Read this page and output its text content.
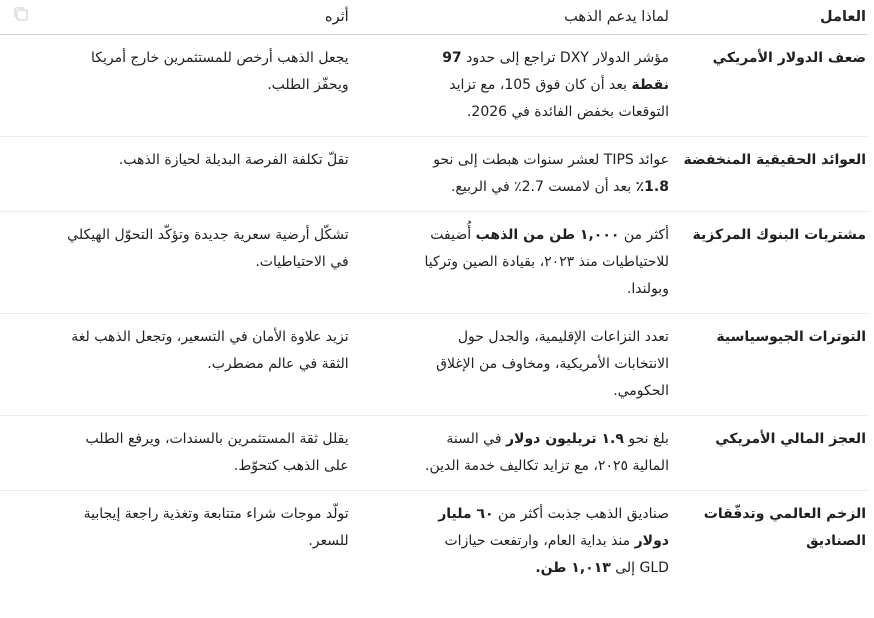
العامل	لماذا يدعم الذهب	أثره

ضعف الدولار الأمريكي	مؤشر الدولار DXY تراجع إلى حدود 97 نقطة بعد أن كان فوق 105، مع تزايد التوقعات بخفض الفائدة في 2026.	يجعل الذهب أرخص للمستثمرين خارج أمريكا ويحفّز الطلب.

العوائد الحقيقية المنخفضة	عوائد TIPS لعشر سنوات هبطت إلى نحو 1.8٪ بعد أن لامست 2.7٪ في الربيع.	تقلّ تكلفة الفرصة البديلة لحيازة الذهب.

مشتريات البنوك المركزية	أكثر من ١,٠٠٠ طن من الذهب أُضيفت للاحتياطيات منذ ٢٠٢٣، بقيادة الصين وتركيا وبولندا.	تشكّل أرضية سعرية جديدة وتؤكّد التحوّل الهيكلي في الاحتياطيات.

التوترات الجيوسياسية	تعدد النزاعات الإقليمية، والجدل حول الانتخابات الأمريكية، ومخاوف من الإغلاق الحكومي.	تزيد علاوة الأمان في التسعير، وتجعل الذهب لغة الثقة في عالم مضطرب.

العجز المالي الأمريكي	بلغ نحو ١.٩ تريليون دولار في السنة المالية ٢٠٢٥، مع تزايد تكاليف خدمة الدين.	يقلل ثقة المستثمرين بالسندات، ويرفع الطلب على الذهب كتحوّط.

الزخم العالمي وتدفّقات الصناديق	صناديق الذهب جذبت أكثر من ٦٠ مليار دولار منذ بداية العام، وارتفعت حيازات GLD إلى ١,٠١٣ طن.	تولّد موجات شراء متتابعة وتغذية راجعة إيجابية للسعر.
